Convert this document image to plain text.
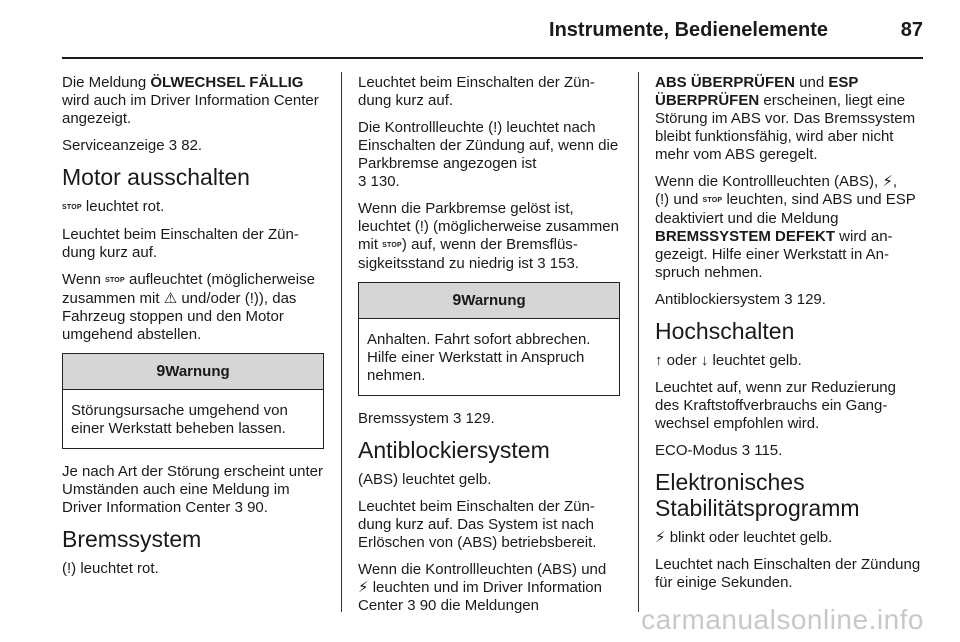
Instrumente, Bedienelemente	87

Die Meldung ÖLWECHSEL FÄLLIG wird auch im Driver Information Center angezeigt.

Serviceanzeige 3 82.

Motor ausschalten

STOP leuchtet rot.

Leuchtet beim Einschalten der Zündung kurz auf.

Wenn STOP aufleuchtet (möglicherweise zusammen mit ⚠ und/oder (!)), das Fahrzeug stoppen und den Motor umgehend abstellen.

9Warnung
Störungsursache umgehend von einer Werkstatt beheben lassen.

Je nach Art der Störung erscheint unter Umständen auch eine Meldung im Driver Information Center 3 90.

Bremssystem

(!) leuchtet rot.

Leuchtet beim Einschalten der Zündung kurz auf.

Die Kontrollleuchte (!) leuchtet nach Einschalten der Zündung auf, wenn die Parkbremse angezogen ist
3 130.

Wenn die Parkbremse gelöst ist, leuchtet (!) (möglicherweise zusammen mit STOP) auf, wenn der Bremsflüssigkeitsstand zu niedrig ist 3 153.

9Warnung
Anhalten. Fahrt sofort abbrechen. Hilfe einer Werkstatt in Anspruch nehmen.

Bremssystem 3 129.

Antiblockiersystem

(ABS) leuchtet gelb.

Leuchtet beim Einschalten der Zündung kurz auf. Das System ist nach Erlöschen von (ABS) betriebsbereit.

Wenn die Kontrollleuchten (ABS) und ⚡ leuchten und im Driver Information Center 3 90 die Meldungen

ABS ÜBERPRÜFEN und ESP ÜBERPRÜFEN erscheinen, liegt eine Störung im ABS vor. Das Bremssystem bleibt funktionsfähig, wird aber nicht mehr vom ABS geregelt.

Wenn die Kontrollleuchten (ABS), ⚡,
(!) und STOP leuchten, sind ABS und ESP deaktiviert und die Meldung BREMSSYSTEM DEFEKT wird angezeigt. Hilfe einer Werkstatt in Anspruch nehmen.

Antiblockiersystem 3 129.

Hochschalten

↑ oder ↓ leuchtet gelb.

Leuchtet auf, wenn zur Reduzierung des Kraftstoffverbrauchs ein Gangwechsel empfohlen wird.

ECO-Modus 3 115.

Elektronisches Stabilitätsprogramm

⚡ blinkt oder leuchtet gelb.

Leuchtet nach Einschalten der Zündung für einige Sekunden.

carmanualsonline.info
